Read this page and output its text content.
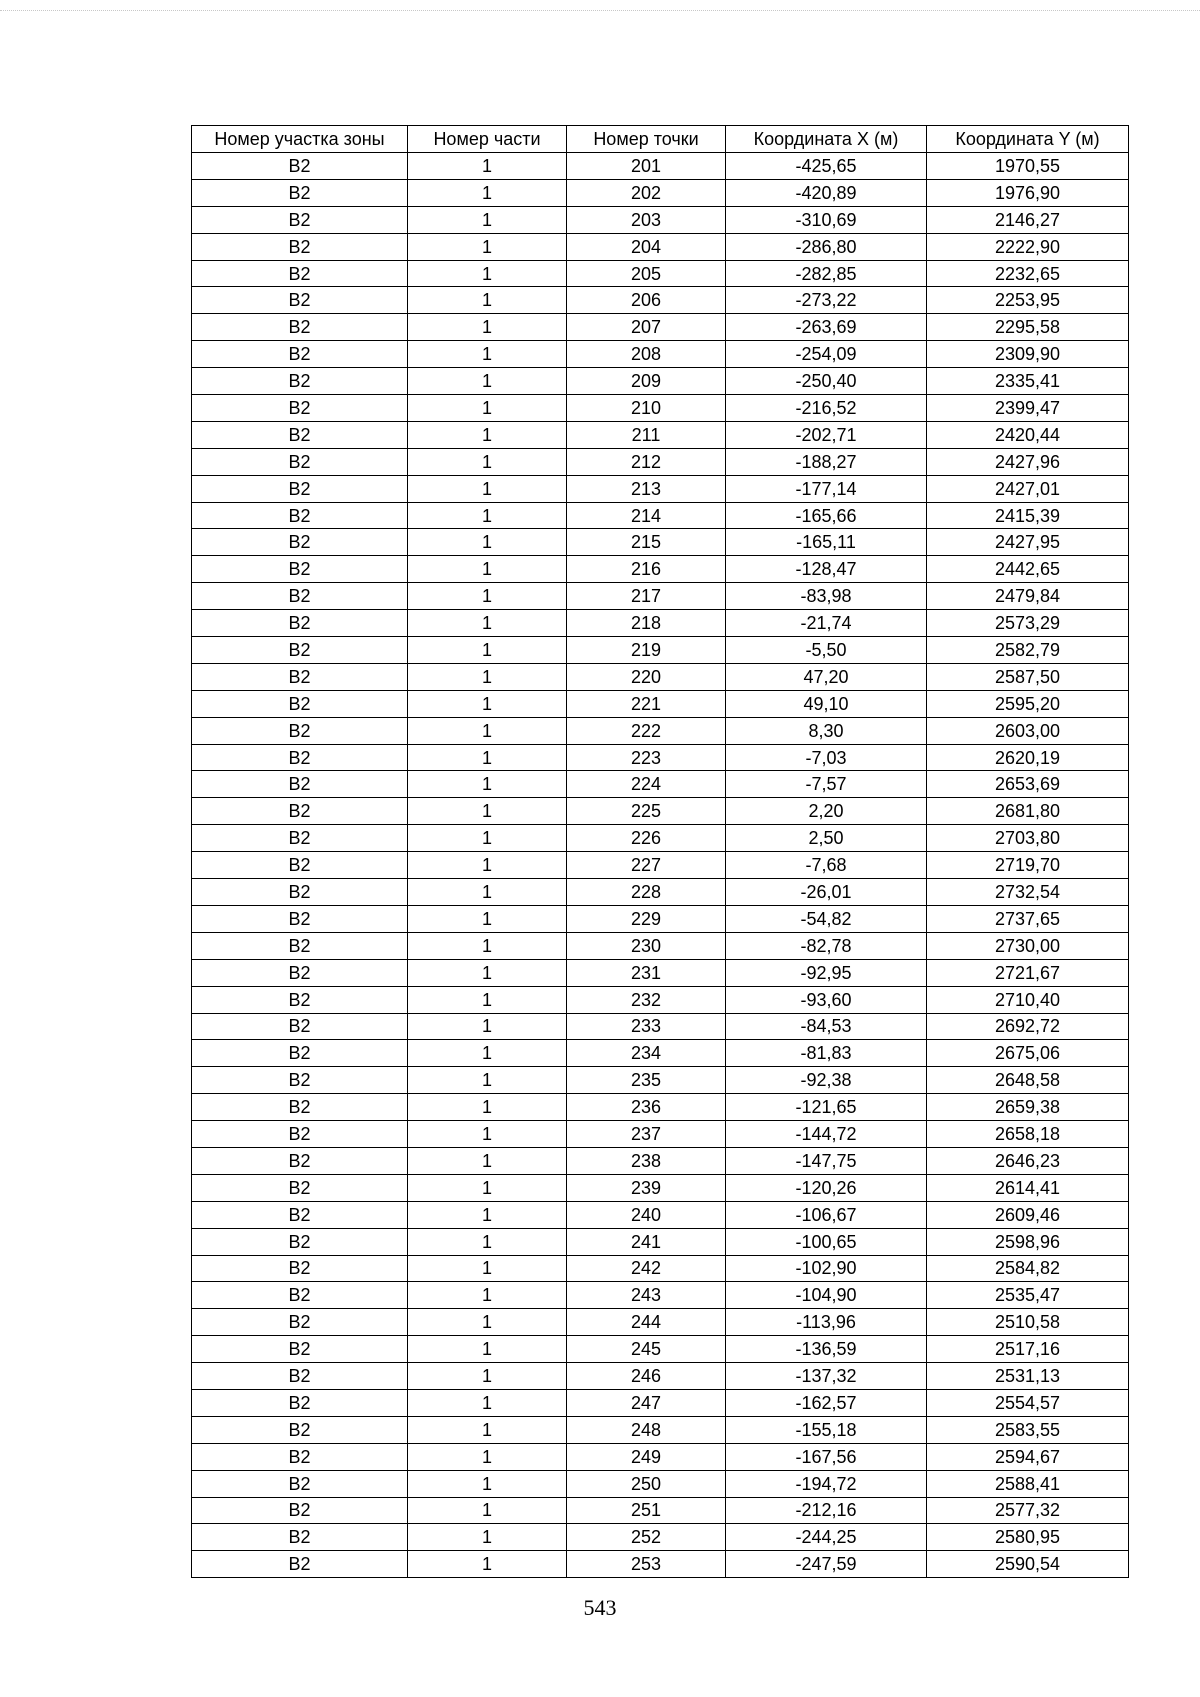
Номер участка зоны	Номер части	Номер точки	Координата X (м)	Координата Y (м)
В2	1	201	-425,65	1970,55
В2	1	202	-420,89	1976,90
В2	1	203	-310,69	2146,27
В2	1	204	-286,80	2222,90
В2	1	205	-282,85	2232,65
В2	1	206	-273,22	2253,95
В2	1	207	-263,69	2295,58
В2	1	208	-254,09	2309,90
В2	1	209	-250,40	2335,41
В2	1	210	-216,52	2399,47
В2	1	211	-202,71	2420,44
В2	1	212	-188,27	2427,96
В2	1	213	-177,14	2427,01
В2	1	214	-165,66	2415,39
В2	1	215	-165,11	2427,95
В2	1	216	-128,47	2442,65
В2	1	217	-83,98	2479,84
В2	1	218	-21,74	2573,29
В2	1	219	-5,50	2582,79
В2	1	220	47,20	2587,50
В2	1	221	49,10	2595,20
В2	1	222	8,30	2603,00
В2	1	223	-7,03	2620,19
В2	1	224	-7,57	2653,69
В2	1	225	2,20	2681,80
В2	1	226	2,50	2703,80
В2	1	227	-7,68	2719,70
В2	1	228	-26,01	2732,54
В2	1	229	-54,82	2737,65
В2	1	230	-82,78	2730,00
В2	1	231	-92,95	2721,67
В2	1	232	-93,60	2710,40
В2	1	233	-84,53	2692,72
В2	1	234	-81,83	2675,06
В2	1	235	-92,38	2648,58
В2	1	236	-121,65	2659,38
В2	1	237	-144,72	2658,18
В2	1	238	-147,75	2646,23
В2	1	239	-120,26	2614,41
В2	1	240	-106,67	2609,46
В2	1	241	-100,65	2598,96
В2	1	242	-102,90	2584,82
В2	1	243	-104,90	2535,47
В2	1	244	-113,96	2510,58
В2	1	245	-136,59	2517,16
В2	1	246	-137,32	2531,13
В2	1	247	-162,57	2554,57
В2	1	248	-155,18	2583,55
В2	1	249	-167,56	2594,67
В2	1	250	-194,72	2588,41
В2	1	251	-212,16	2577,32
В2	1	252	-244,25	2580,95
В2	1	253	-247,59	2590,54
543
